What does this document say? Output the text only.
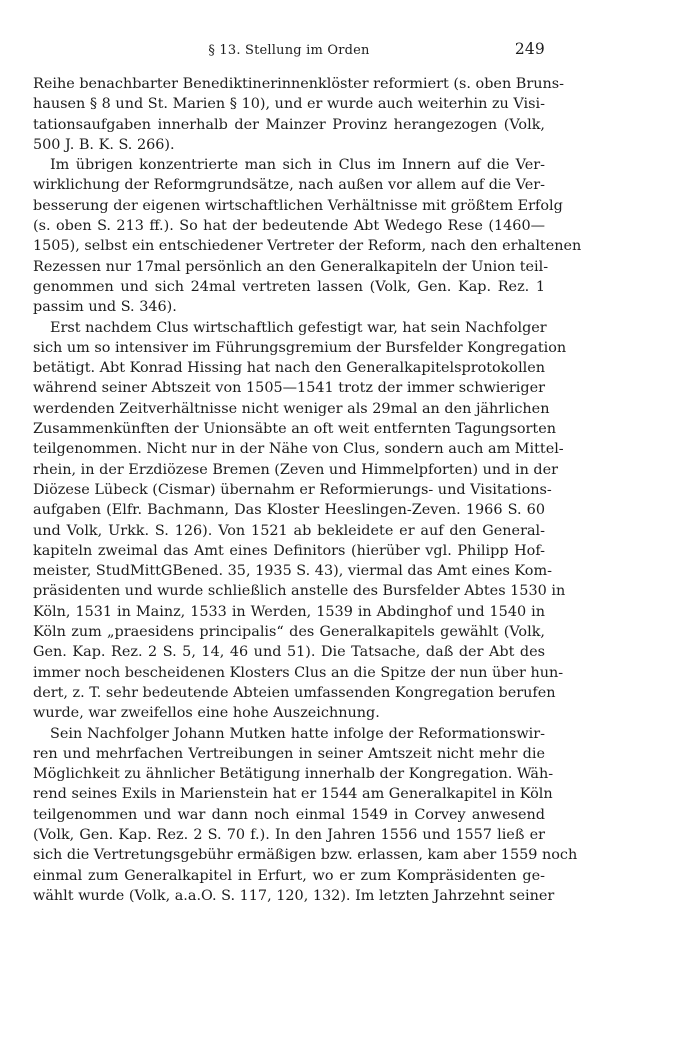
§ 13. Stellung im Orden	249
Reihe benachbarter Benediktinerinnenklöster reformiert (s. oben Bruns-
hausen § 8 und St. Marien § 10), und er wurde auch weiterhin zu Visi-
tationsaufgaben innerhalb der Mainzer Provinz herangezogen (Volk,
500 J. B. K. S. 266).
Im übrigen konzentrierte man sich in Clus im Innern auf die Ver-
wirklichung der Reformgrundsätze, nach außen vor allem auf die Ver-
besserung der eigenen wirtschaftlichen Verhältnisse mit größtem Erfolg
(s. oben S. 213 ff.). So hat der bedeutende Abt Wedego Rese (1460—
1505), selbst ein entschiedener Vertreter der Reform, nach den erhaltenen
Rezessen nur 17mal persönlich an den Generalkapiteln der Union teil-
genommen und sich 24mal vertreten lassen (Volk, Gen. Kap. Rez. 1
passim und S. 346).
Erst nachdem Clus wirtschaftlich gefestigt war, hat sein Nachfolger
sich um so intensiver im Führungsgremium der Bursfelder Kongregation
betätigt. Abt Konrad Hissing hat nach den Generalkapitelsprotokollen
während seiner Abtszeit von 1505—1541 trotz der immer schwieriger
werdenden Zeitverhältnisse nicht weniger als 29mal an den jährlichen
Zusammenkünften der Unionsäbte an oft weit entfernten Tagungsorten
teilgenommen. Nicht nur in der Nähe von Clus, sondern auch am Mittel-
rhein, in der Erzdiözese Bremen (Zeven und Himmelpforten) und in der
Diözese Lübeck (Cismar) übernahm er Reformierungs- und Visitations-
aufgaben (Elfr. Bachmann, Das Kloster Heeslingen-Zeven. 1966 S. 60
und Volk, Urkk. S. 126). Von 1521 ab bekleidete er auf den General-
kapiteln zweimal das Amt eines Definitors (hierüber vgl. Philipp Hof-
meister, StudMittGBened. 35, 1935 S. 43), viermal das Amt eines Kom-
präsidenten und wurde schließlich anstelle des Bursfelder Abtes 1530 in
Köln, 1531 in Mainz, 1533 in Werden, 1539 in Abdinghof und 1540 in
Köln zum „praesidens principalis“ des Generalkapitels gewählt (Volk,
Gen. Kap. Rez. 2 S. 5, 14, 46 und 51). Die Tatsache, daß der Abt des
immer noch bescheidenen Klosters Clus an die Spitze der nun über hun-
dert, z. T. sehr bedeutende Abteien umfassenden Kongregation berufen
wurde, war zweifellos eine hohe Auszeichnung.
Sein Nachfolger Johann Mutken hatte infolge der Reformationswir-
ren und mehrfachen Vertreibungen in seiner Amtszeit nicht mehr die
Möglichkeit zu ähnlicher Betätigung innerhalb der Kongregation. Wäh-
rend seines Exils in Marienstein hat er 1544 am Generalkapitel in Köln
teilgenommen und war dann noch einmal 1549 in Corvey anwesend
(Volk, Gen. Kap. Rez. 2 S. 70 f.). In den Jahren 1556 und 1557 ließ er
sich die Vertretungsgebühr ermäßigen bzw. erlassen, kam aber 1559 noch
einmal zum Generalkapitel in Erfurt, wo er zum Kompräsidenten ge-
wählt wurde (Volk, a.a.O. S. 117, 120, 132). Im letzten Jahrzehnt seiner
